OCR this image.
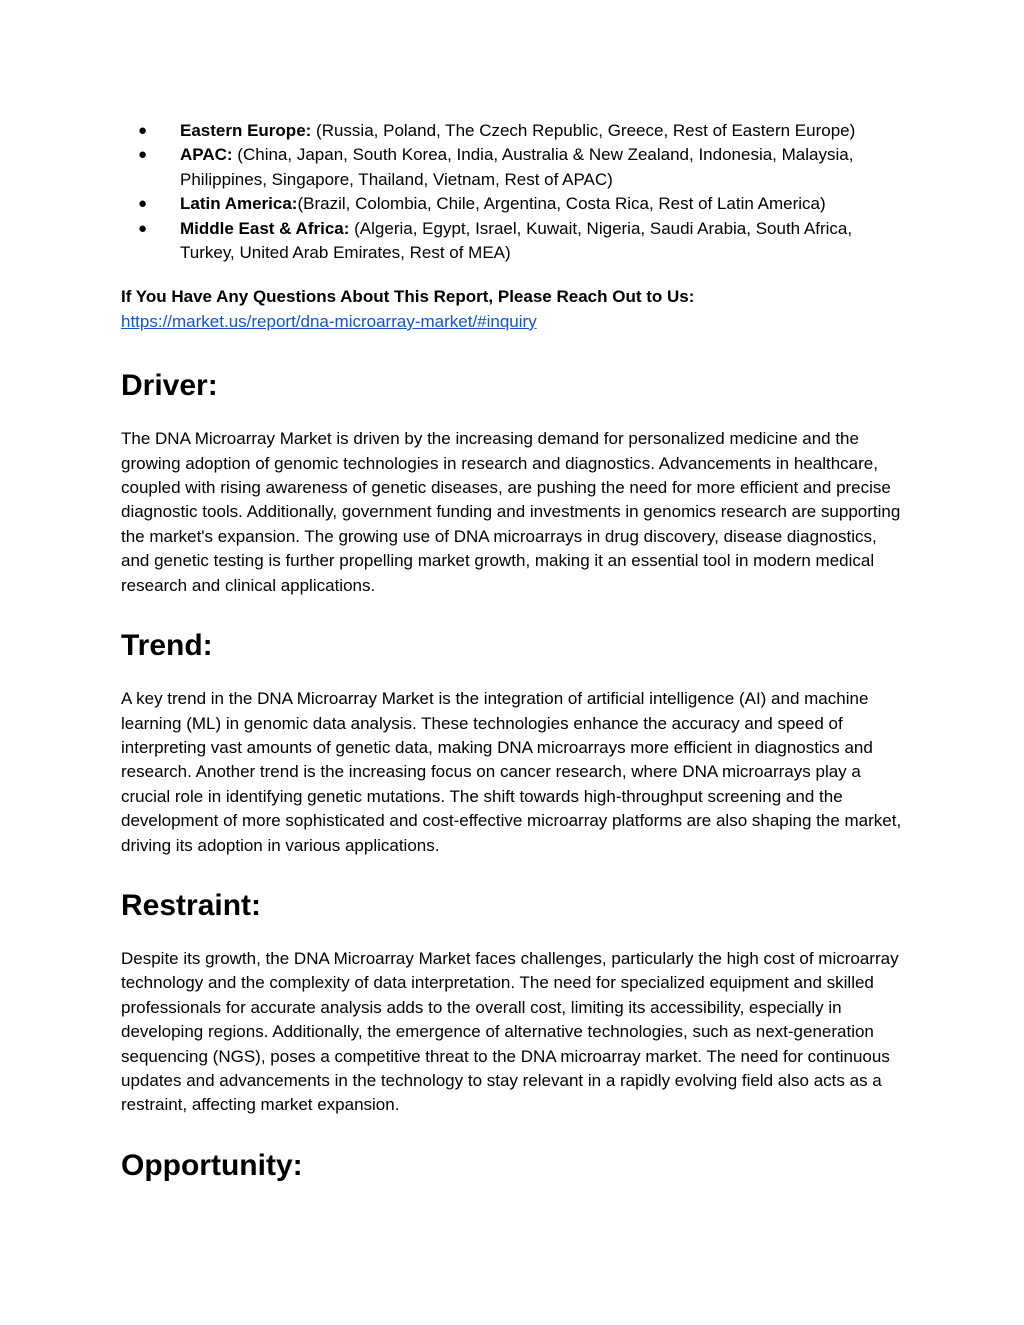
● Eastern Europe: (Russia, Poland, The Czech Republic, Greece, Rest of Eastern Europe)
● APAC: (China, Japan, South Korea, India, Australia & New Zealand, Indonesia, Malaysia, Philippines, Singapore, Thailand, Vietnam, Rest of APAC)
● Latin America:(Brazil, Colombia, Chile, Argentina, Costa Rica, Rest of Latin America)
● Middle East & Africa: (Algeria, Egypt, Israel, Kuwait, Nigeria, Saudi Arabia, South Africa, Turkey, United Arab Emirates, Rest of MEA)
If You Have Any Questions About This Report, Please Reach Out to Us:
https://market.us/report/dna-microarray-market/#inquiry
Driver:

The DNA Microarray Market is driven by the increasing demand for personalized medicine and the growing adoption of genomic technologies in research and diagnostics. Advancements in healthcare, coupled with rising awareness of genetic diseases, are pushing the need for more efficient and precise diagnostic tools. Additionally, government funding and investments in genomics research are supporting the market's expansion. The growing use of DNA microarrays in drug discovery, disease diagnostics, and genetic testing is further propelling market growth, making it an essential tool in modern medical research and clinical applications.

Trend:

A key trend in the DNA Microarray Market is the integration of artificial intelligence (AI) and machine learning (ML) in genomic data analysis. These technologies enhance the accuracy and speed of interpreting vast amounts of genetic data, making DNA microarrays more efficient in diagnostics and research. Another trend is the increasing focus on cancer research, where DNA microarrays play a crucial role in identifying genetic mutations. The shift towards high-throughput screening and the development of more sophisticated and cost-effective microarray platforms are also shaping the market, driving its adoption in various applications.

Restraint:

Despite its growth, the DNA Microarray Market faces challenges, particularly the high cost of microarray technology and the complexity of data interpretation. The need for specialized equipment and skilled professionals for accurate analysis adds to the overall cost, limiting its accessibility, especially in developing regions. Additionally, the emergence of alternative technologies, such as next-generation sequencing (NGS), poses a competitive threat to the DNA microarray market. The need for continuous updates and advancements in the technology to stay relevant in a rapidly evolving field also acts as a restraint, affecting market expansion.

Opportunity:
